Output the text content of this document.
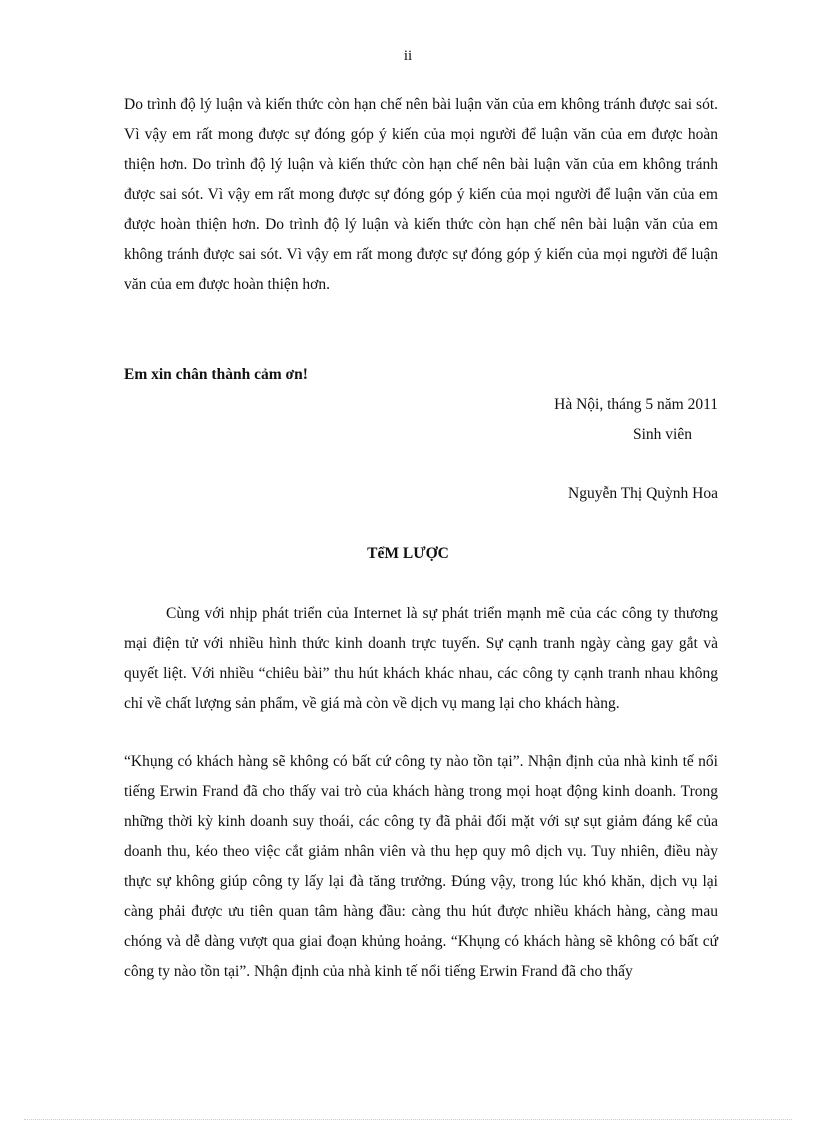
ii

Do trình độ lý luận và kiến thức còn hạn chế nên bài luận văn của em không tránh được sai sót. Vì vậy em rất mong được sự đóng góp ý kiến của mọi người để luận văn của em được hoàn thiện hơn. Do trình độ lý luận và kiến thức còn hạn chế nên bài luận văn của em không tránh được sai sót. Vì vậy em rất mong được sự đóng góp ý kiến của mọi người để luận văn của em được hoàn thiện hơn. Do trình độ lý luận và kiến thức còn hạn chế nên bài luận văn của em không tránh được sai sót. Vì vậy em rất mong được sự đóng góp ý kiến của mọi người để luận văn của em được hoàn thiện hơn.

Em xin chân thành cảm ơn!
Hà Nội, tháng 5 năm 2011
Sinh viên
Nguyễn Thị Quỳnh Hoa
TểM LƯỢC

Cùng với nhịp phát triển của Internet là sự phát triển mạnh mẽ của các công ty thương mại điện tử với nhiều hình thức kinh doanh trực tuyến. Sự cạnh tranh ngày càng gay gắt và quyết liệt. Với nhiều “chiêu bài” thu hút khách khác nhau, các công ty cạnh tranh nhau không chỉ về chất lượng sản phẩm, về giá mà còn về dịch vụ mang lại cho khách hàng.

“Khụng có khách hàng sẽ không có bất cứ công ty nào tồn tại”. Nhận định của nhà kinh tế nổi tiếng Erwin Frand đã cho thấy vai trò của khách hàng trong mọi hoạt động kinh doanh. Trong những thời kỳ kinh doanh suy thoái, các công ty đã phải đối mặt với sự sụt giảm đáng kể của doanh thu, kéo theo việc cắt giảm nhân viên và thu hẹp quy mô dịch vụ. Tuy nhiên, điều này thực sự không giúp công ty lấy lại đà tăng trưởng. Đúng vậy, trong lúc khó khăn, dịch vụ lại càng phải được ưu tiên quan tâm hàng đầu: càng thu hút được nhiều khách hàng, càng mau chóng và dễ dàng vượt qua giai đoạn khủng hoảng. “Khụng có khách hàng sẽ không có bất cứ công ty nào tồn tại”. Nhận định của nhà kinh tế nổi tiếng Erwin Frand đã cho thấy
